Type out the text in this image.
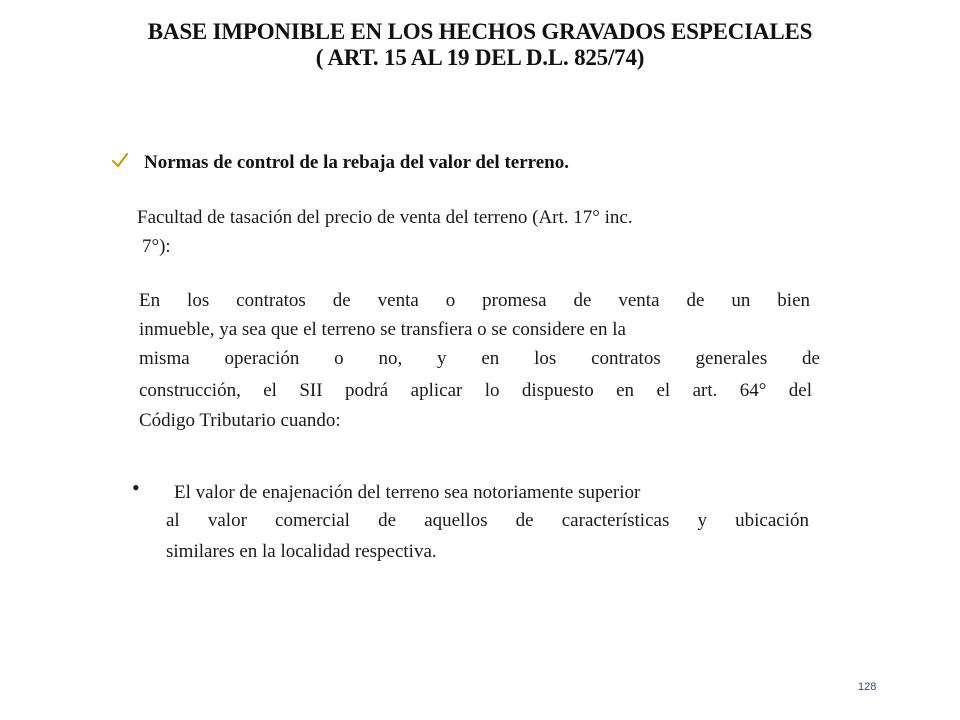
BASE IMPONIBLE EN LOS HECHOS GRAVADOS ESPECIALES
( ART. 15 AL 19 DEL D.L. 825/74)
Normas de control de la rebaja del valor del terreno.
Facultad de tasación del precio de venta del terreno (Art. 17° inc.
7°):
En los contratos de venta o promesa de venta de un bien
inmueble, ya sea que el terreno se transfiera o se considere en la
misma operación o no, y en los contratos generales de
construcción, el SII podrá aplicar lo dispuesto en el art. 64° del
Código Tributario cuando:
• El valor de enajenación del terreno sea notoriamente superior
al valor comercial de aquellos de características y ubicación
similares en la localidad respectiva.
128
